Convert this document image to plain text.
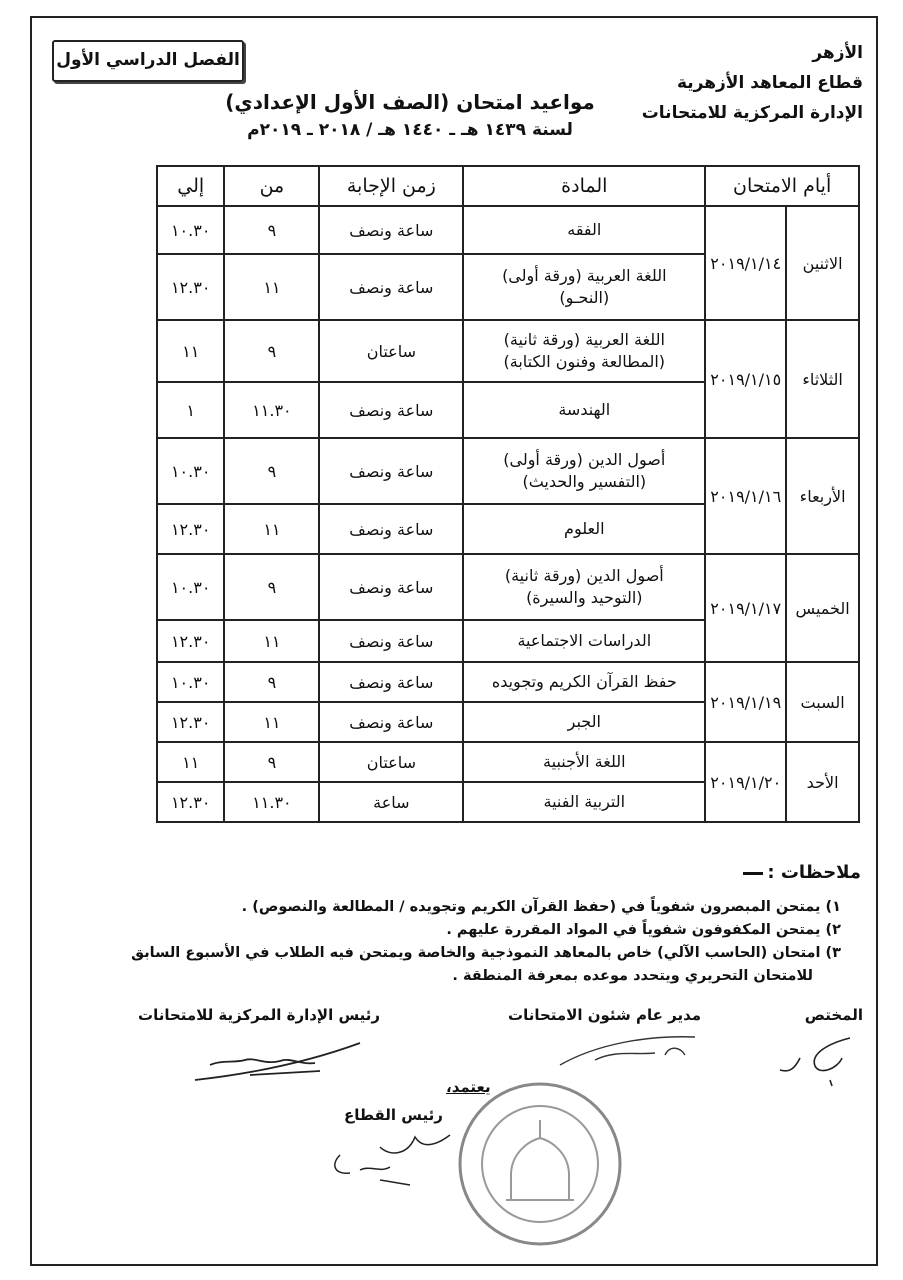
الأزهر
قطاع المعاهد الأزهرية
الإدارة المركزية للامتحانات
الفصل الدراسي الأول
مواعيد امتحان (الصف الأول الإعدادي)
لسنة ١٤٣٩ هـ ـ ١٤٤٠ هـ / ٢٠١٨ ـ ٢٠١٩م
أيام الامتحان		المادة	زمن الإجابة	من	إلي
الاثنين	٢٠١٩/١/١٤	الفقه	ساعة ونصف	٩	١٠.٣٠

		اللغة العربية (ورقة أولى)
(النحـو)	ساعة ونصف	١١	١٢.٣٠
الثلاثاء	٢٠١٩/١/١٥	اللغة العربية (ورقة ثانية)
(المطالعة وفنون الكتابة)	ساعتان	٩	١١

		الهندسة	ساعة ونصف	١١.٣٠	١
الأربعاء	٢٠١٩/١/١٦	أصول الدين (ورقة أولى)
(التفسير والحديث)	ساعة ونصف	٩	١٠.٣٠

		العلوم	ساعة ونصف	١١	١٢.٣٠
الخميس	٢٠١٩/١/١٧	أصول الدين (ورقة ثانية)
(التوحيد والسيرة)	ساعة ونصف	٩	١٠.٣٠

		الدراسات الاجتماعية	ساعة ونصف	١١	١٢.٣٠
السبت	٢٠١٩/١/١٩	حفظ القرآن الكريم وتجويده	ساعة ونصف	٩	١٠.٣٠

		الجبر	ساعة ونصف	١١	١٢.٣٠
الأحد	٢٠١٩/١/٢٠	اللغة الأجنبية	ساعتان	٩	١١

		التربية الفنية	ساعة	١١.٣٠	١٢.٣٠
ملاحظات :
١) يمتحن المبصرون شفوياً في (حفظ القرآن الكريم وتجويده / المطالعة والنصوص) .
٢) يمتحن المكفوفون شفوياً في المواد المقررة عليهم .
٣) امتحان (الحاسب الآلي) خاص بالمعاهد النموذجية والخاصة ويمتحن فيه الطلاب في الأسبوع السابق
للامتحان التحريري ويتحدد موعده بمعرفة المنطقة .
المختص
مدير عام شئون الامتحانات
رئيس الإدارة المركزية للامتحانات
يعتمد،
رئيس القطاع
